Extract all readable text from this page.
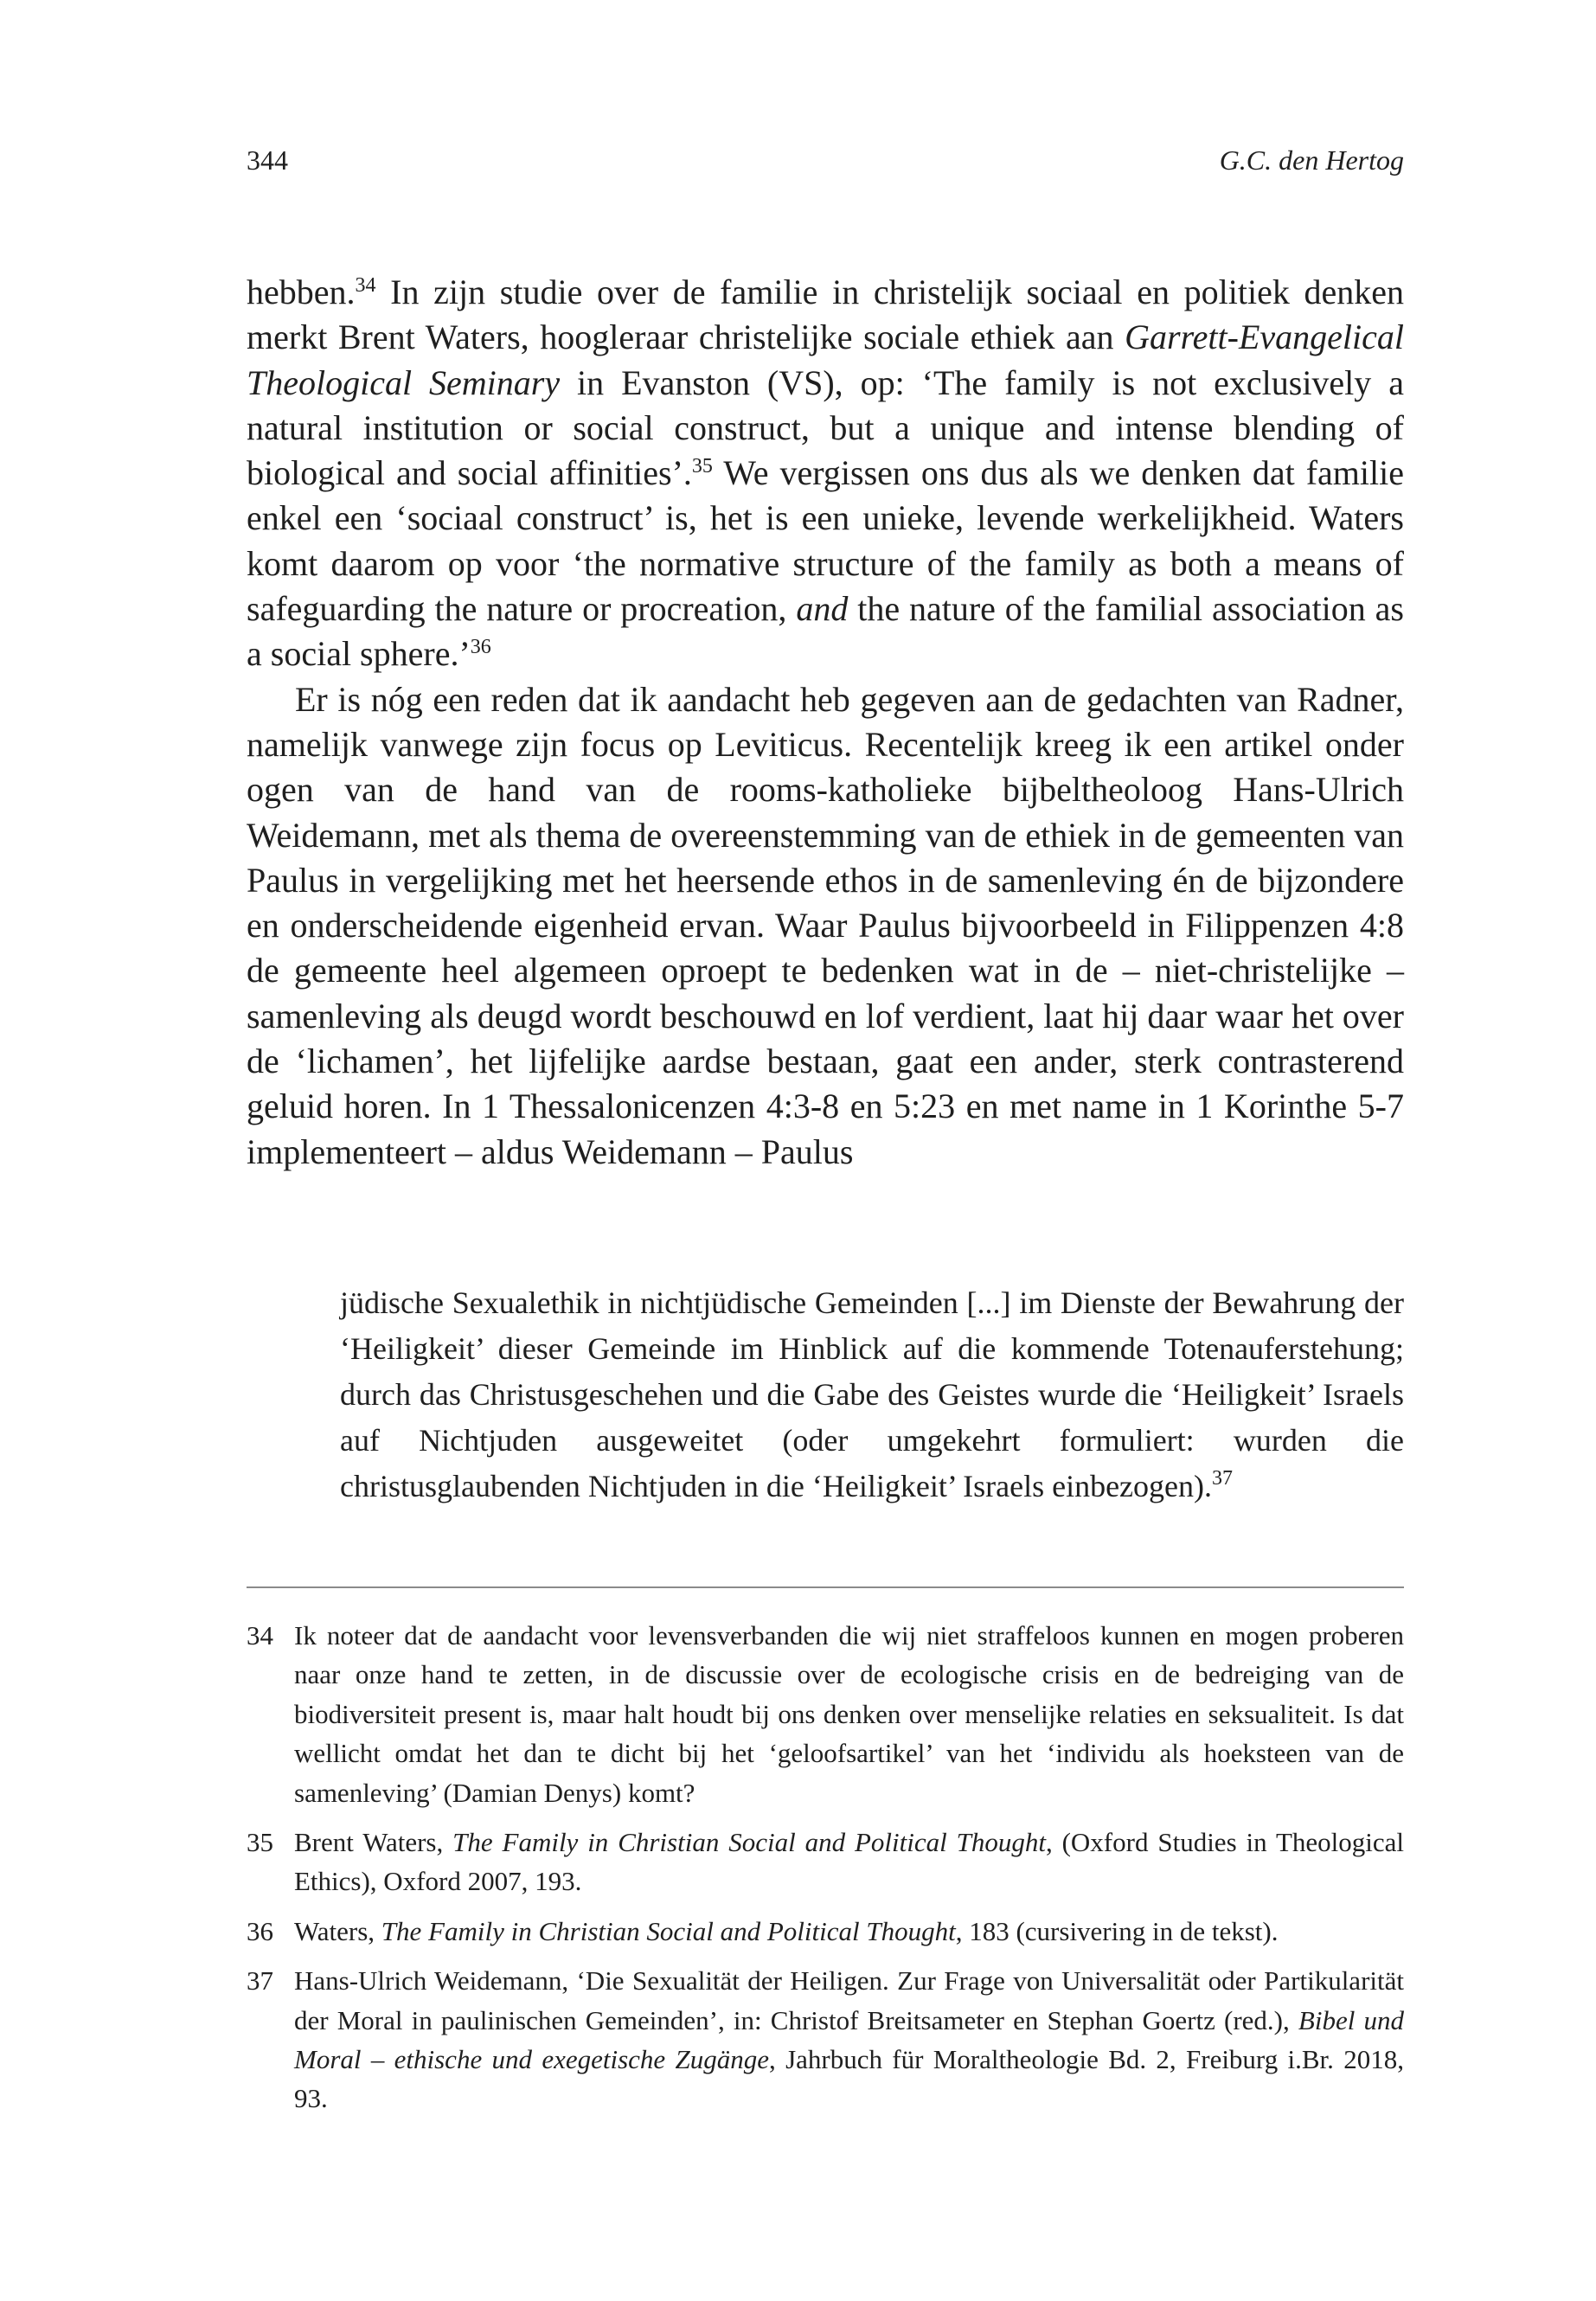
344	G.C. den Hertog

hebben.$^{34}$ In zijn studie over de familie in christelijk sociaal en politiek denken merkt Brent Waters, hoogleraar christelijke sociale ethiek aan Garrett-Evangelical Theological Seminary in Evanston (VS), op: ‘The family is not exclusively a natural institution or social construct, but a unique and intense blending of biological and social affinities’.$^{35}$ We vergissen ons dus als we denken dat familie enkel een ‘sociaal construct’ is, het is een unieke, levende werkelijkheid. Waters komt daarom op voor ‘the normative structure of the family as both a means of safeguarding the nature or procreation, and the nature of the familial association as a social sphere.’$^{36}$

Er is nóg een reden dat ik aandacht heb gegeven aan de gedachten van Radner, namelijk vanwege zijn focus op Leviticus. Recentelijk kreeg ik een artikel onder ogen van de hand van de rooms-katholieke bijbeltheoloog Hans-Ulrich Weidemann, met als thema de overeenstemming van de ethiek in de gemeenten van Paulus in vergelijking met het heersende ethos in de samenleving én de bijzondere en onderscheidende eigenheid ervan. Waar Paulus bijvoorbeeld in Filippenzen 4:8 de gemeente heel algemeen oproept te bedenken wat in de – niet-christelijke – samenleving als deugd wordt beschouwd en lof verdient, laat hij daar waar het over de ‘lichamen’, het lijfelijke aardse bestaan, gaat een ander, sterk contrasterend geluid horen. In 1 Thessalonicenzen 4:3-8 en 5:23 en met name in 1 Korinthe 5-7 implementeert – aldus Weidemann – Paulus

jüdische Sexualethik in nichtjüdische Gemeinden [...] im Dienste der Bewahrung der ‘Heiligkeit’ dieser Gemeinde im Hinblick auf die kommende Totenauferstehung; durch das Christusgeschehen und die Gabe des Geistes wurde die ‘Heiligkeit’ Israels auf Nichtjuden ausgeweitet (oder umgekehrt formuliert: wurden die christusglaubenden Nichtjuden in die ‘Heiligkeit’ Israels einbezogen).$^{37}$

34 Ik noteer dat de aandacht voor levensverbanden die wij niet straffeloos kunnen en mogen proberen naar onze hand te zetten, in de discussie over de ecologische crisis en de bedreiging van de biodiversiteit present is, maar halt houdt bij ons denken over menselijke relaties en seksualiteit. Is dat wellicht omdat het dan te dicht bij het ‘geloofsartikel’ van het ‘individu als hoeksteen van de samenleving’ (Damian Denys) komt?

35 Brent Waters, The Family in Christian Social and Political Thought, (Oxford Studies in Theological Ethics), Oxford 2007, 193.

36 Waters, The Family in Christian Social and Political Thought, 183 (cursivering in de tekst).

37 Hans-Ulrich Weidemann, ‘Die Sexualität der Heiligen. Zur Frage von Universalität oder Partikularität der Moral in paulinischen Gemeinden’, in: Christof Breitsameter en Stephan Goertz (red.), Bibel und Moral – ethische und exegetische Zugänge, Jahrbuch für Moraltheologie Bd. 2, Freiburg i.Br. 2018, 93.
